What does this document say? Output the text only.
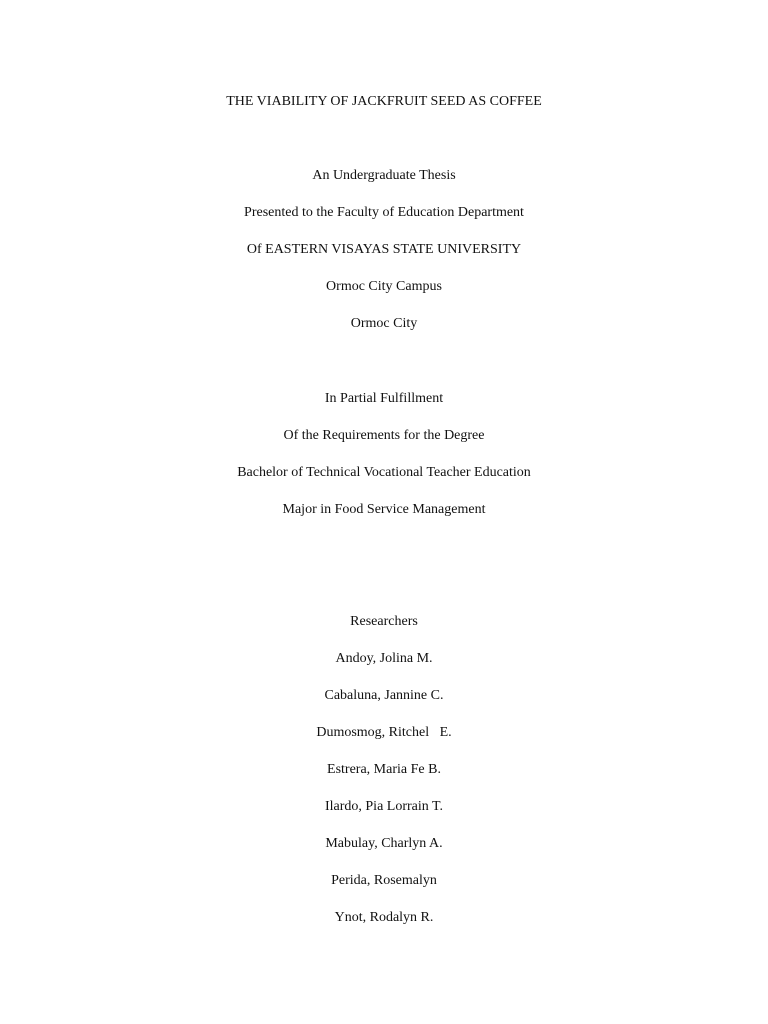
THE VIABILITY OF JACKFRUIT SEED AS COFFEE
An Undergraduate Thesis
Presented to the Faculty of Education Department
Of EASTERN VISAYAS STATE UNIVERSITY
Ormoc City Campus
Ormoc City
In Partial Fulfillment
Of the Requirements for the Degree
Bachelor of Technical Vocational Teacher Education
Major in Food Service Management
Researchers
Andoy, Jolina M.
Cabaluna, Jannine C.
Dumosmog, Ritchel   E.
Estrera, Maria Fe B.
Ilardo, Pia Lorrain T.
Mabulay, Charlyn A.
Perida, Rosemalyn
Ynot, Rodalyn R.
